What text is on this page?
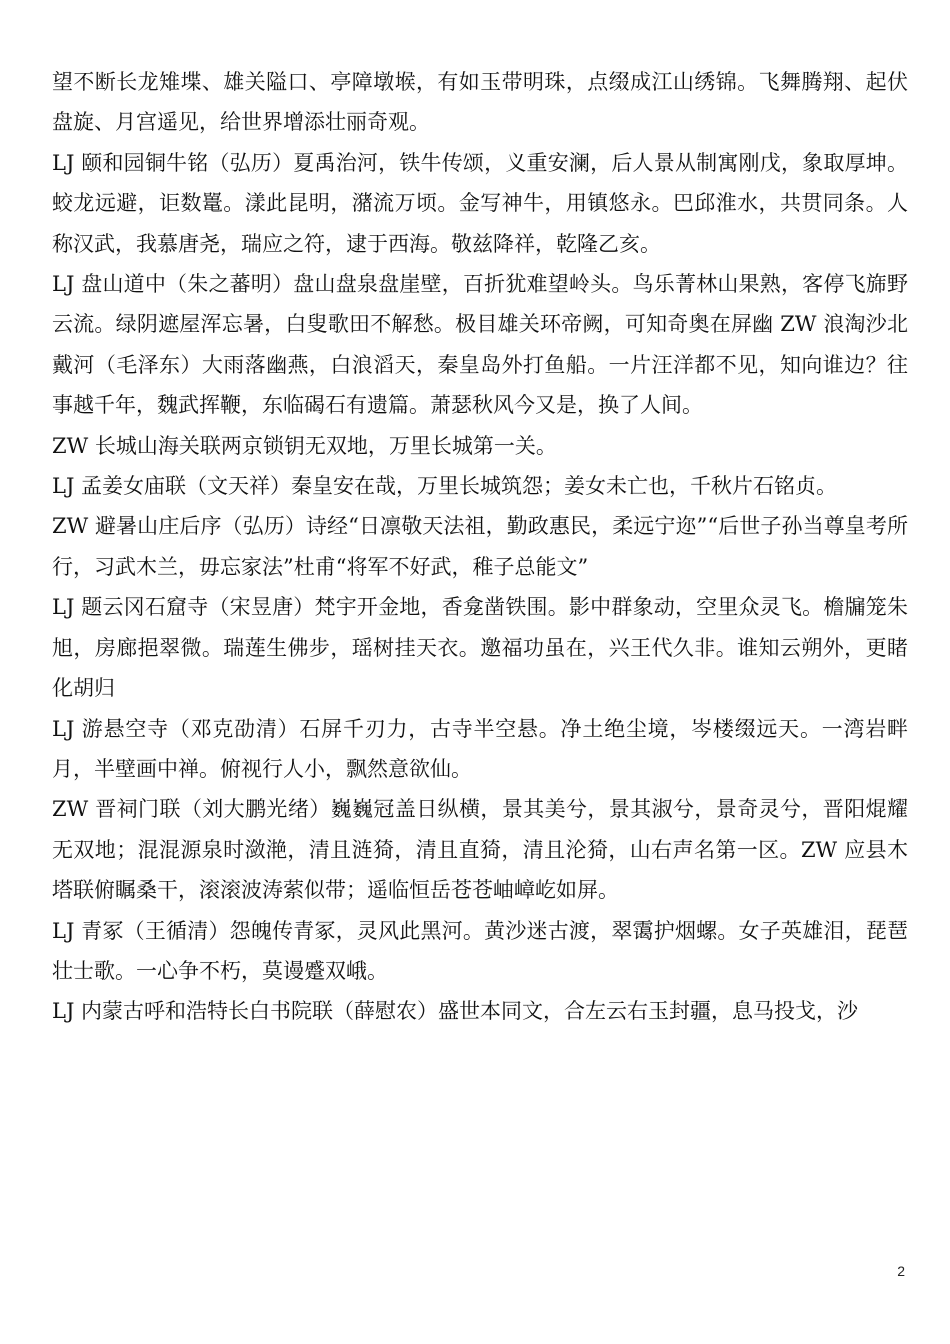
望不断长龙雉堞、雄关隘口、亭障墩堠，有如玉带明珠，点缀成江山绣锦。飞舞腾翔、起伏盘旋、月宫遥见，给世界增添壮丽奇观。

LJ 颐和园铜牛铭（弘历）夏禹治河，铁牛传颂，义重安澜，后人景从制寓刚戊，象取厚坤。蛟龙远避，讵数鼍。漾此昆明，潴流万顷。金写神牛，用镇悠永。巴邱淮水，共贯同条。人称汉武，我慕唐尧，瑞应之符，逮于西海。敬兹降祥，乾隆乙亥。

LJ 盘山道中（朱之蕃明）盘山盘泉盘崖壁，百折犹难望岭头。鸟乐菁林山果熟，客停飞旆野云流。绿阴遮屋浑忘暑，白叟歌田不解愁。极目雄关环帝阙，可知奇奥在屏幽 ZW 浪淘沙北戴河（毛泽东）大雨落幽燕，白浪滔天，秦皇岛外打鱼船。一片汪洋都不见，知向谁边？往事越千年，魏武挥鞭，东临碣石有遗篇。萧瑟秋风今又是，换了人间。

ZW 长城山海关联两京锁钥无双地，万里长城第一关。

LJ 孟姜女庙联（文天祥）秦皇安在哉，万里长城筑怨；姜女未亡也，千秋片石铭贞。

ZW 避暑山庄后序（弘历）诗经“日凛敬天法祖，勤政惠民，柔远宁迩”“后世子孙当尊皇考所行，习武木兰，毋忘家法”杜甫“将军不好武，稚子总能文”

LJ 题云冈石窟寺（宋昱唐）梵宇开金地，香龛凿铁围。影中群象动，空里众灵飞。檐牖笼朱旭，房廊挹翠微。瑞莲生佛步，瑶树挂天衣。邀福功虽在，兴王代久非。谁知云朔外，更睹化胡归

LJ 游悬空寺（邓克劭清）石屏千刃力，古寺半空悬。净土绝尘境，岑楼缀远天。一湾岩畔月，半壁画中禅。俯视行人小，飘然意欲仙。

ZW 晋祠门联（刘大鹏光绪）巍巍冠盖日纵横，景其美兮，景其淑兮，景奇灵兮，晋阳焜耀无双地；混混源泉时潋滟，清且涟猗，清且直猗，清且沦猗，山右声名第一区。ZW 应县木塔联俯瞩桑干，滚滚波涛萦似带；遥临恒岳苍苍岫嶂屹如屏。

LJ 青冢（王循清）怨魄传青冢，灵风此黑河。黄沙迷古渡，翠霭护烟螺。女子英雄泪，琵琶壮士歌。一心争不朽，莫谩蹙双峨。

LJ 内蒙古呼和浩特长白书院联（薛慰农）盛世本同文，合左云右玉封疆，息马投戈，沙

2
